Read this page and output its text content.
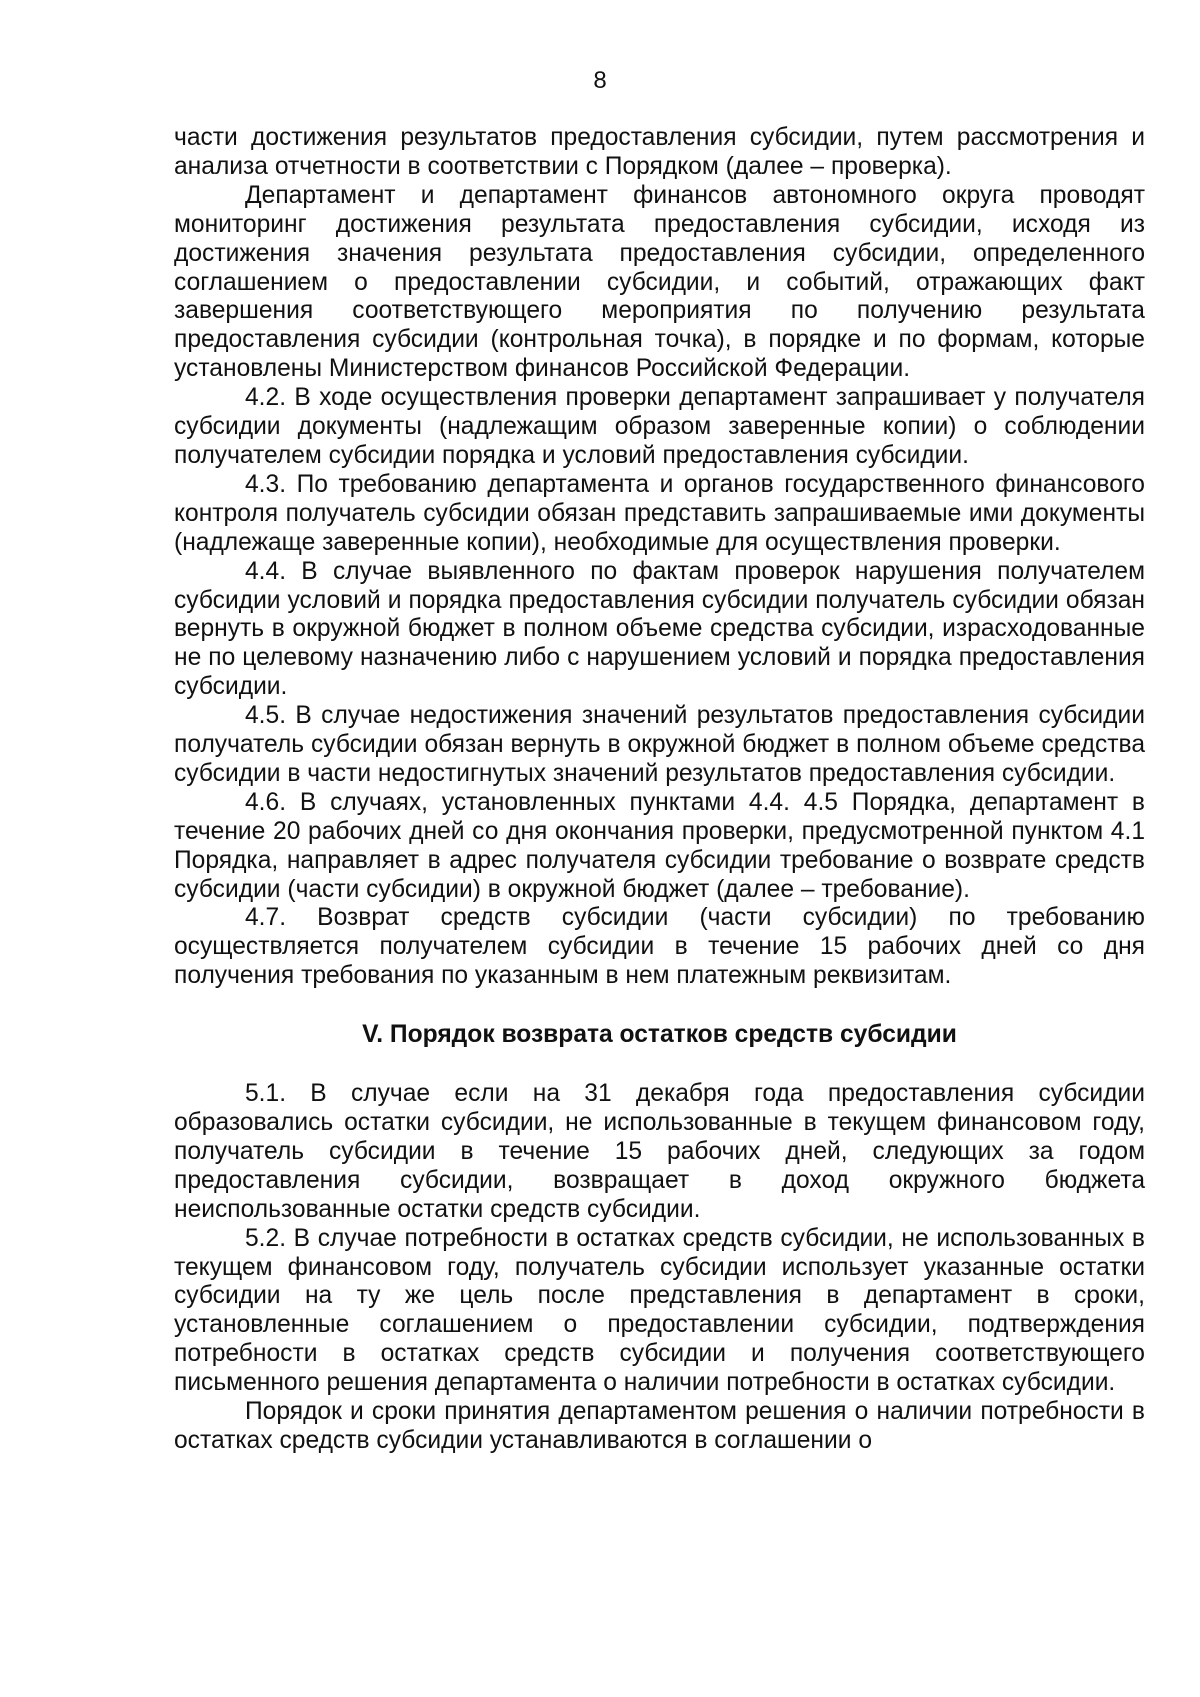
8

части достижения результатов предоставления субсидии, путем рассмотрения и анализа отчетности в соответствии с Порядком (далее – проверка).

Департамент и департамент финансов автономного округа проводят мониторинг достижения результата предоставления субсидии, исходя из достижения значения результата предоставления субсидии, определенного соглашением о предоставлении субсидии, и событий, отражающих факт завершения соответствующего мероприятия по получению результата предоставления субсидии (контрольная точка), в порядке и по формам, которые установлены Министерством финансов Российской Федерации.

4.2. В ходе осуществления проверки департамент запрашивает у получателя субсидии документы (надлежащим образом заверенные копии) о соблюдении получателем субсидии порядка и условий предоставления субсидии.

4.3. По требованию департамента и органов государственного финансового контроля получатель субсидии обязан представить запрашиваемые ими документы (надлежаще заверенные копии), необходимые для осуществления проверки.

4.4. В случае выявленного по фактам проверок нарушения получателем субсидии условий и порядка предоставления субсидии получатель субсидии обязан вернуть в окружной бюджет в полном объеме средства субсидии, израсходованные не по целевому назначению либо с нарушением условий и порядка предоставления субсидии.

4.5. В случае недостижения значений результатов предоставления субсидии получатель субсидии обязан вернуть в окружной бюджет в полном объеме средства субсидии в части недостигнутых значений результатов предоставления субсидии.

4.6. В случаях, установленных пунктами 4.4. 4.5 Порядка, департамент в течение 20 рабочих дней со дня окончания проверки, предусмотренной пунктом 4.1 Порядка, направляет в адрес получателя субсидии требование о возврате средств субсидии (части субсидии) в окружной бюджет (далее – требование).

4.7. Возврат средств субсидии (части субсидии) по требованию осуществляется получателем субсидии в течение 15 рабочих дней со дня получения требования по указанным в нем платежным реквизитам.

V. Порядок возврата остатков средств субсидии

5.1. В случае если на 31 декабря года предоставления субсидии образовались остатки субсидии, не использованные в текущем финансовом году, получатель субсидии в течение 15 рабочих дней, следующих за годом предоставления субсидии, возвращает в доход окружного бюджета неиспользованные остатки средств субсидии.

5.2. В случае потребности в остатках средств субсидии, не использованных в текущем финансовом году, получатель субсидии использует указанные остатки субсидии на ту же цель после представления в департамент в сроки, установленные соглашением о предоставлении субсидии, подтверждения потребности в остатках средств субсидии и получения соответствующего письменного решения департамента о наличии потребности в остатках субсидии.

Порядок и сроки принятия департаментом решения о наличии потребности в остатках средств субсидии устанавливаются в соглашении о
